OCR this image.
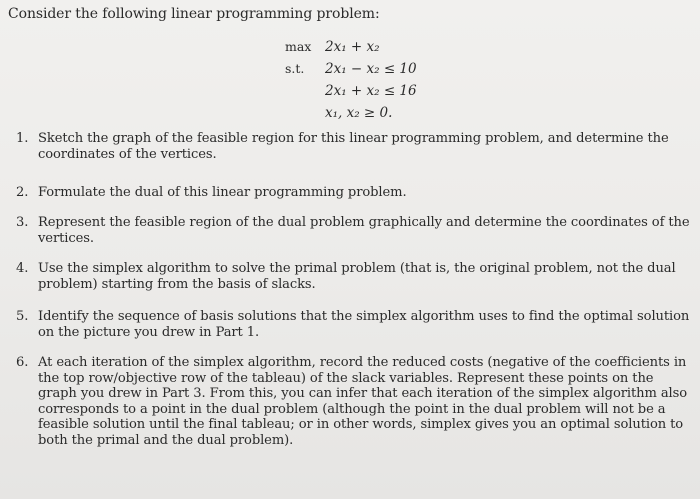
Consider the following linear programming problem:
max 2x₁ + x₂
s.t. 2x₁ − x₂ ≤ 10
2x₁ + x₂ ≤ 16
x₁, x₂ ≥ 0.
1. Sketch the graph of the feasible region for this linear programming problem, and determine the coordinates of the vertices.
2. Formulate the dual of this linear programming problem.
3. Represent the feasible region of the dual problem graphically and determine the coordinates of the vertices.
4. Use the simplex algorithm to solve the primal problem (that is, the original problem, not the dual problem) starting from the basis of slacks.
5. Identify the sequence of basis solutions that the simplex algorithm uses to find the optimal solution on the picture you drew in Part 1.
6. At each iteration of the simplex algorithm, record the reduced costs (negative of the coefficients in the top row/objective row of the tableau) of the slack variables. Represent these points on the graph you drew in Part 3. From this, you can infer that each iteration of the simplex algorithm also corresponds to a point in the dual problem (although the point in the dual problem will not be a feasible solution until the final tableau; or in other words, simplex gives you an optimal solution to both the primal and the dual problem).
